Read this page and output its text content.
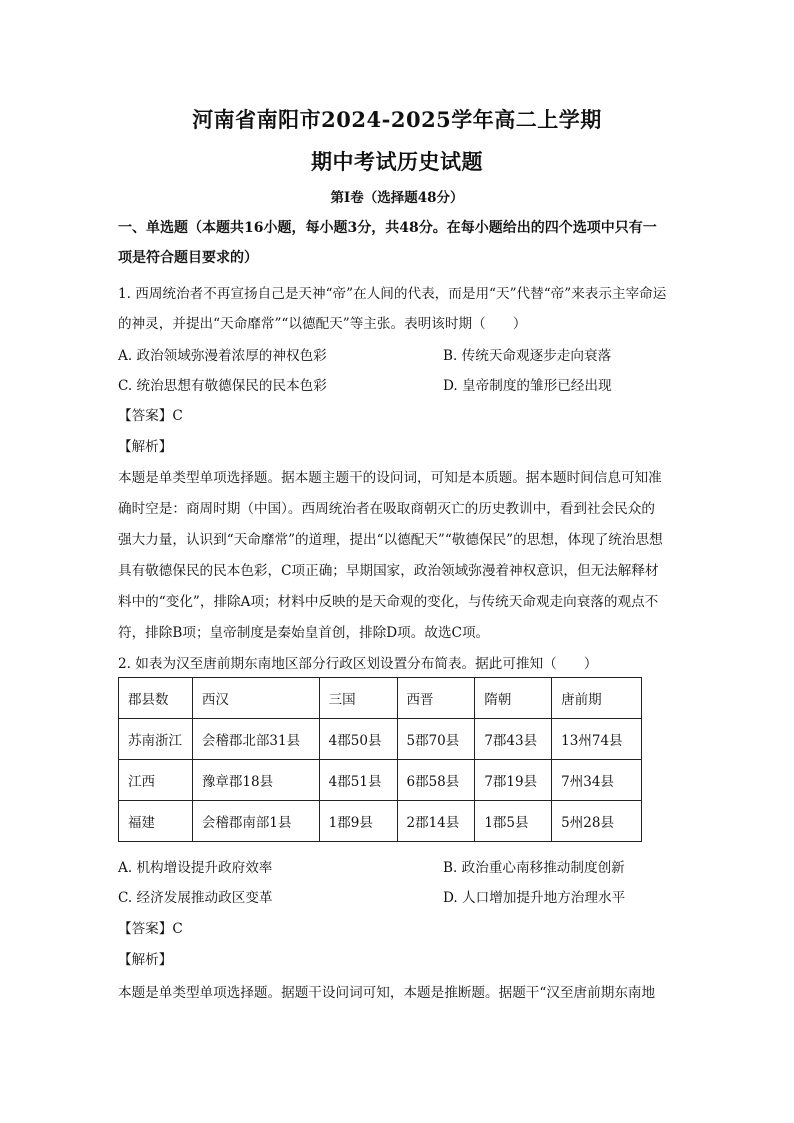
河南省南阳市2024-2025学年高二上学期
期中考试历史试题
第I卷（选择题48分）
一、单选题（本题共16小题，每小题3分，共48分。在每小题给出的四个选项中只有一
项是符合题目要求的）
1. 西周统治者不再宣扬自己是天神“帝”在人间的代表，而是用“天”代替“帝”来表示主宰命运
的神灵，并提出“天命靡常”“以德配天”等主张。表明该时期（　　）
A. 政治领域弥漫着浓厚的神权色彩	B. 传统天命观逐步走向衰落
C. 统治思想有敬德保民的民本色彩	D. 皇帝制度的雏形已经出现
【答案】C
【解析】
本题是单类型单项选择题。据本题主题干的设问词，可知是本质题。据本题时间信息可知准
确时空是：商周时期（中国）。西周统治者在吸取商朝灭亡的历史教训中，看到社会民众的
强大力量，认识到“天命靡常”的道理，提出“以德配天”“敬德保民”的思想，体现了统治思想
具有敬德保民的民本色彩，C项正确；早期国家，政治领域弥漫着神权意识，但无法解释材
料中的“变化”，排除A项；材料中反映的是天命观的变化，与传统天命观走向衰落的观点不
符，排除B项；皇帝制度是秦始皇首创，排除D项。故选C项。
2. 如表为汉至唐前期东南地区部分行政区划设置分布简表。据此可推知（　　）
郡县数	西汉	三国	西晋	隋朝	唐前期
苏南浙江	会稽郡北部31县	4郡50县	5郡70县	7郡43县	13州74县
江西	豫章郡18县	4郡51县	6郡58县	7郡19县	7州34县
福建	会稽郡南部1县	1郡9县	2郡14县	1郡5县	5州28县
A. 机构增设提升政府效率	B. 政治重心南移推动制度创新
C. 经济发展推动政区变革	D. 人口增加提升地方治理水平
【答案】C
【解析】
本题是单类型单项选择题。据题干设问词可知，本题是推断题。据题干“汉至唐前期东南地
